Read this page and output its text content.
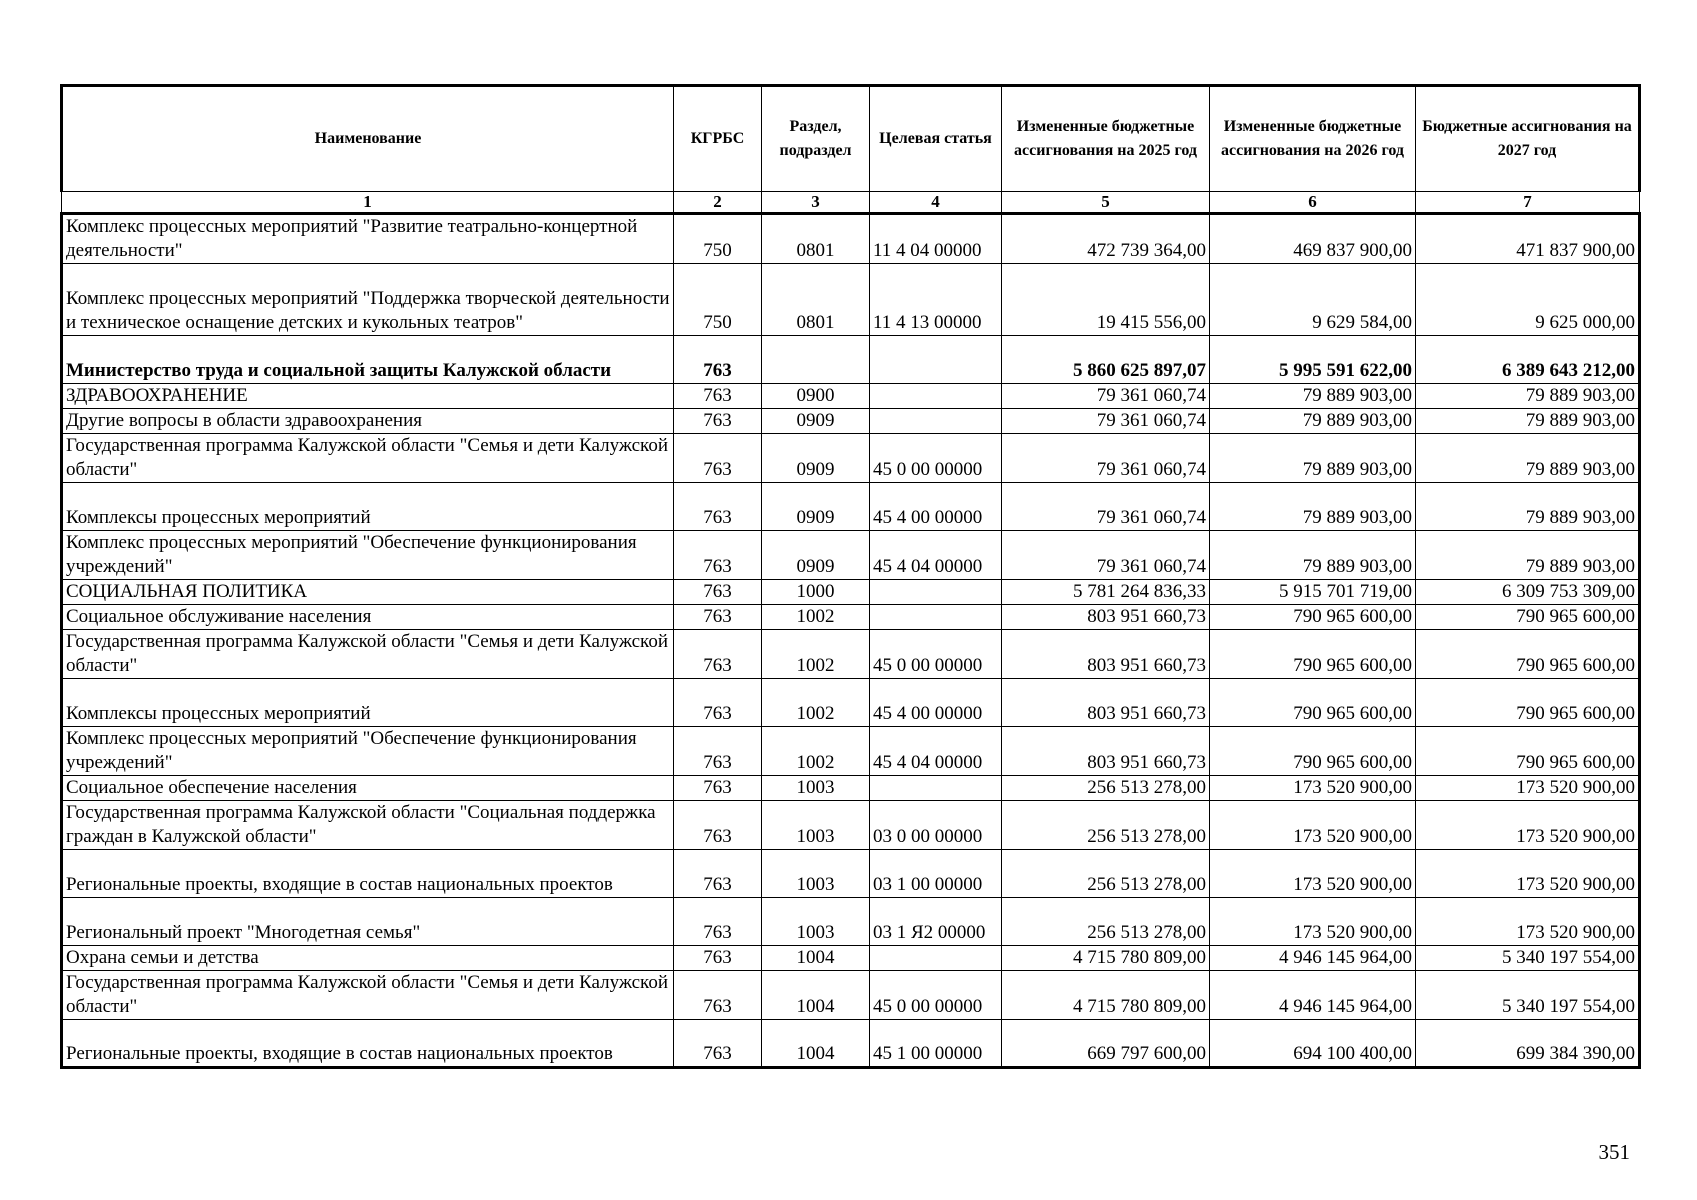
Наименование	КГРБС	Раздел, подраздел	Целевая статья	Измененные бюджетные ассигнования на 2025 год	Измененные бюджетные ассигнования на 2026 год	Бюджетные ассигнования на 2027 год
1	2	3	4	5	6	7
Комплекс процессных мероприятий "Развитие театрально-концертной деятельности"	750	0801	11 4 04 00000	472 739 364,00	469 837 900,00	471 837 900,00
Комплекс процессных мероприятий "Поддержка творческой деятельности и техническое оснащение детских и кукольных театров"	750	0801	11 4 13 00000	19 415 556,00	9 629 584,00	9 625 000,00
Министерство труда и социальной защиты Калужской области	763			5 860 625 897,07	5 995 591 622,00	6 389 643 212,00
ЗДРАВООХРАНЕНИЕ	763	0900		79 361 060,74	79 889 903,00	79 889 903,00
Другие вопросы в области здравоохранения	763	0909		79 361 060,74	79 889 903,00	79 889 903,00
Государственная программа Калужской области "Семья и дети Калужской области"	763	0909	45 0 00 00000	79 361 060,74	79 889 903,00	79 889 903,00
Комплексы процессных мероприятий	763	0909	45 4 00 00000	79 361 060,74	79 889 903,00	79 889 903,00
Комплекс процессных мероприятий "Обеспечение функционирования учреждений"	763	0909	45 4 04 00000	79 361 060,74	79 889 903,00	79 889 903,00
СОЦИАЛЬНАЯ ПОЛИТИКА	763	1000		5 781 264 836,33	5 915 701 719,00	6 309 753 309,00
Социальное обслуживание населения	763	1002		803 951 660,73	790 965 600,00	790 965 600,00
Государственная программа Калужской области "Семья и дети Калужской области"	763	1002	45 0 00 00000	803 951 660,73	790 965 600,00	790 965 600,00
Комплексы процессных мероприятий	763	1002	45 4 00 00000	803 951 660,73	790 965 600,00	790 965 600,00
Комплекс процессных мероприятий "Обеспечение функционирования учреждений"	763	1002	45 4 04 00000	803 951 660,73	790 965 600,00	790 965 600,00
Социальное обеспечение населения	763	1003		256 513 278,00	173 520 900,00	173 520 900,00
Государственная программа Калужской области "Социальная поддержка граждан в Калужской области"	763	1003	03 0 00 00000	256 513 278,00	173 520 900,00	173 520 900,00
Региональные проекты, входящие в состав национальных проектов	763	1003	03 1 00 00000	256 513 278,00	173 520 900,00	173 520 900,00
Региональный проект "Многодетная семья"	763	1003	03 1 Я2 00000	256 513 278,00	173 520 900,00	173 520 900,00
Охрана семьи и детства	763	1004		4 715 780 809,00	4 946 145 964,00	5 340 197 554,00
Государственная программа Калужской области "Семья и дети Калужской области"	763	1004	45 0 00 00000	4 715 780 809,00	4 946 145 964,00	5 340 197 554,00
Региональные проекты, входящие в состав национальных проектов	763	1004	45 1 00 00000	669 797 600,00	694 100 400,00	699 384 390,00
351
